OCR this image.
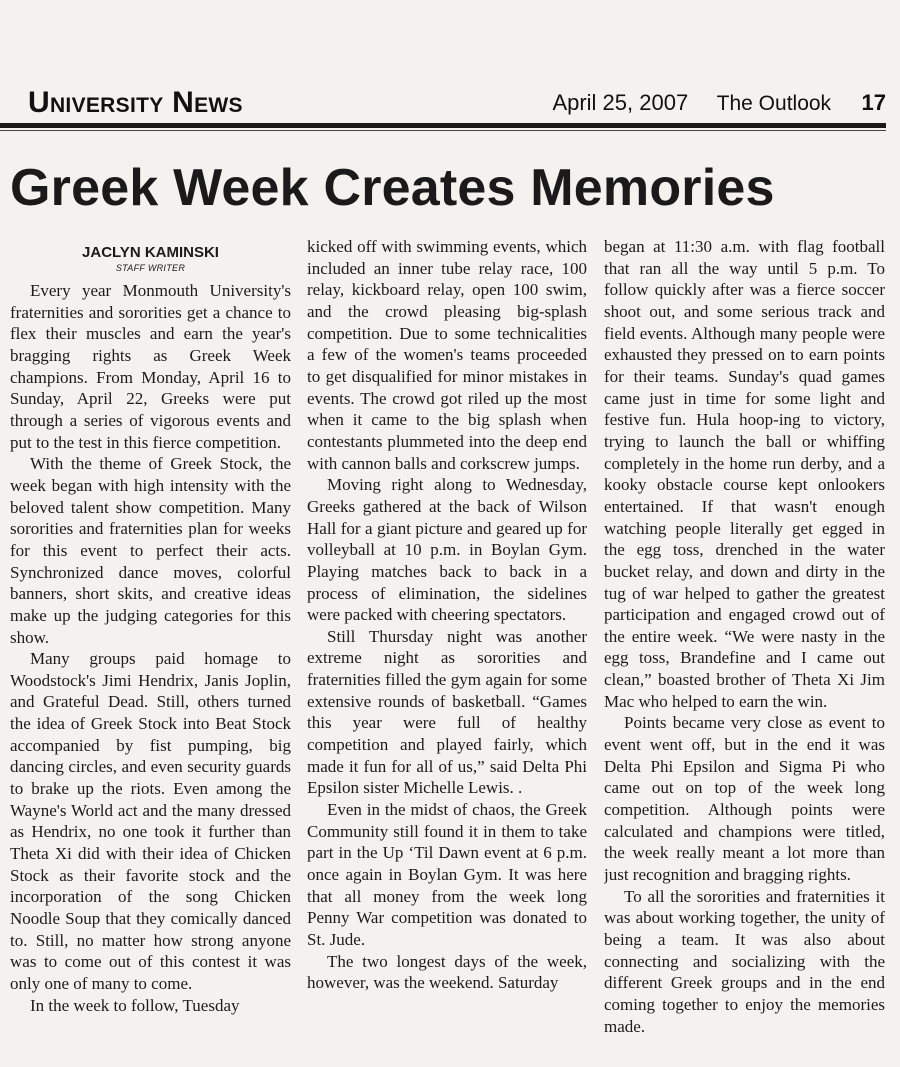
University News	April 25, 2007 The Outlook 17
Greek Week Creates Memories
JACLYN KAMINSKI
STAFF WRITER

Every year Monmouth University's fraternities and sororities get a chance to flex their muscles and earn the year's bragging rights as Greek Week champions. From Monday, April 16 to Sunday, April 22, Greeks were put through a series of vigorous events and put to the test in this fierce competition.

With the theme of Greek Stock, the week began with high intensity with the beloved talent show competition. Many sororities and fraternities plan for weeks for this event to perfect their acts. Synchronized dance moves, colorful banners, short skits, and creative ideas make up the judging categories for this show.

Many groups paid homage to Woodstock's Jimi Hendrix, Janis Joplin, and Grateful Dead. Still, others turned the idea of Greek Stock into Beat Stock accompanied by fist pumping, big dancing circles, and even security guards to brake up the riots. Even among the Wayne's World act and the many dressed as Hendrix, no one took it further than Theta Xi did with their idea of Chicken Stock as their favorite stock and the incorporation of the song Chicken Noodle Soup that they comically danced to. Still, no matter how strong anyone was to come out of this contest it was only one of many to come.

In the week to follow, Tuesday

kicked off with swimming events, which included an inner tube relay race, 100 relay, kickboard relay, open 100 swim, and the crowd pleasing big-splash competition. Due to some technicalities a few of the women's teams proceeded to get disqualified for minor mistakes in events. The crowd got riled up the most when it came to the big splash when contestants plummeted into the deep end with cannon balls and corkscrew jumps.

Moving right along to Wednesday, Greeks gathered at the back of Wilson Hall for a giant picture and geared up for volleyball at 10 p.m. in Boylan Gym. Playing matches back to back in a process of elimination, the sidelines were packed with cheering spectators.

Still Thursday night was another extreme night as sororities and fraternities filled the gym again for some extensive rounds of basketball. “Games this year were full of healthy competition and played fairly, which made it fun for all of us,” said Delta Phi Epsilon sister Michelle Lewis. .

Even in the midst of chaos, the Greek Community still found it in them to take part in the Up ‘Til Dawn event at 6 p.m. once again in Boylan Gym. It was here that all money from the week long Penny War competition was donated to St. Jude.

The two longest days of the week, however, was the weekend. Saturday

began at 11:30 a.m. with flag football that ran all the way until 5 p.m. To follow quickly after was a fierce soccer shoot out, and some serious track and field events. Although many people were exhausted they pressed on to earn points for their teams. Sunday's quad games came just in time for some light and festive fun. Hula hoop-ing to victory, trying to launch the ball or whiffing completely in the home run derby, and a kooky obstacle course kept onlookers entertained. If that wasn't enough watching people literally get egged in the egg toss, drenched in the water bucket relay, and down and dirty in the tug of war helped to gather the greatest participation and engaged crowd out of the entire week. “We were nasty in the egg toss, Brandefine and I came out clean,” boasted brother of Theta Xi Jim Mac who helped to earn the win.

Points became very close as event to event went off, but in the end it was Delta Phi Epsilon and Sigma Pi who came out on top of the week long competition. Although points were calculated and champions were titled, the week really meant a lot more than just recognition and bragging rights.

To all the sororities and fraternities it was about working together, the unity of being a team. It was also about connecting and socializing with the different Greek groups and in the end coming together to enjoy the memories made.
